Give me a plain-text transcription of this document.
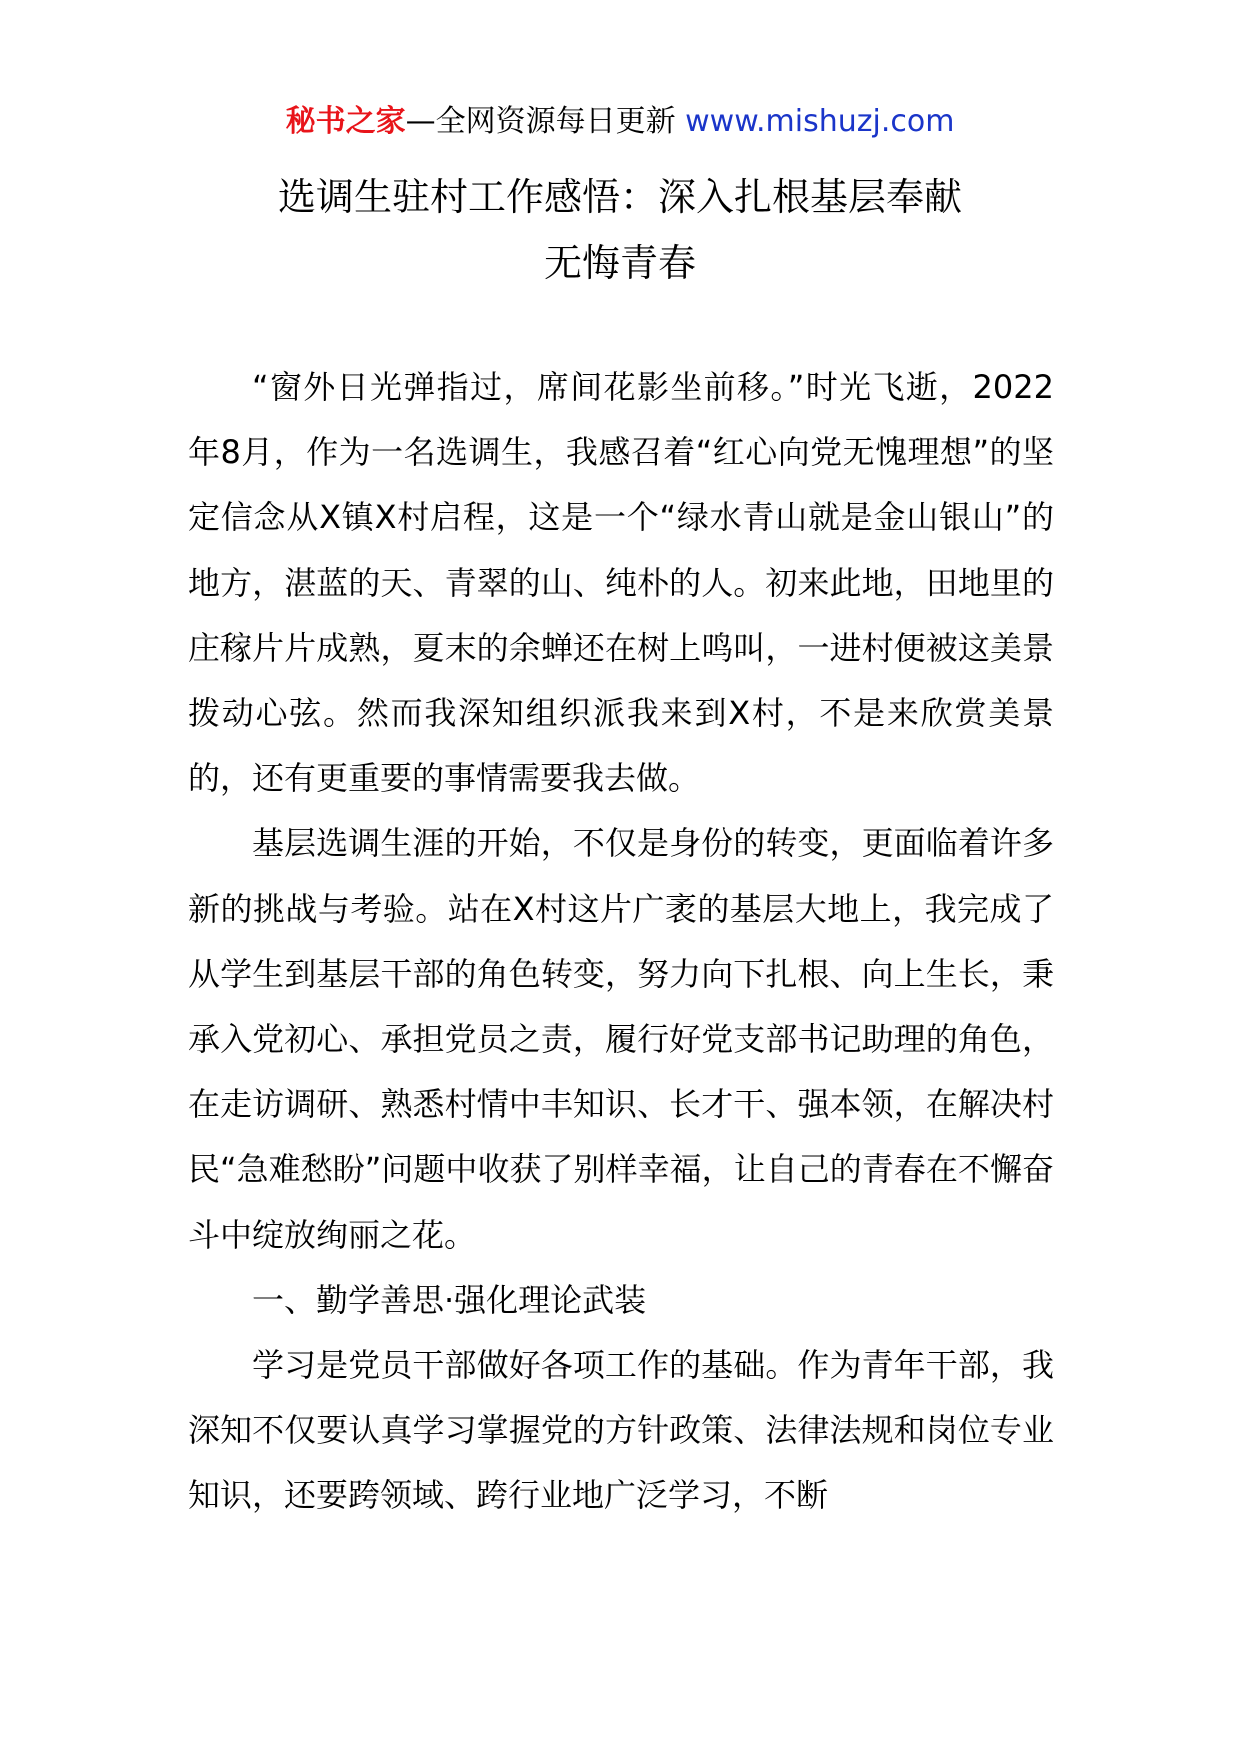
秘书之家—全网资源每日更新 www.mishuzj.com
选调生驻村工作感悟：深入扎根基层奉献
无悔青春

“窗外日光弹指过，席间花影坐前移。”时光飞逝，2022年8月，作为一名选调生，我感召着“红心向党无愧理想”的坚定信念从X镇X村启程，这是一个“绿水青山就是金山银山”的地方，湛蓝的天、青翠的山、纯朴的人。初来此地，田地里的庄稼片片成熟，夏末的余蝉还在树上鸣叫，一进村便被这美景拨动心弦。然而我深知组织派我来到X村，不是来欣赏美景的，还有更重要的事情需要我去做。

基层选调生涯的开始，不仅是身份的转变，更面临着许多新的挑战与考验。站在X村这片广袤的基层大地上，我完成了从学生到基层干部的角色转变，努力向下扎根、向上生长，秉承入党初心、承担党员之责，履行好党支部书记助理的角色，在走访调研、熟悉村情中丰知识、长才干、强本领，在解决村民“急难愁盼”问题中收获了别样幸福，让自己的青春在不懈奋斗中绽放绚丽之花。

一、勤学善思·强化理论武装

学习是党员干部做好各项工作的基础。作为青年干部，我深知不仅要认真学习掌握党的方针政策、法律法规和岗位专业知识，还要跨领域、跨行业地广泛学习，不断
